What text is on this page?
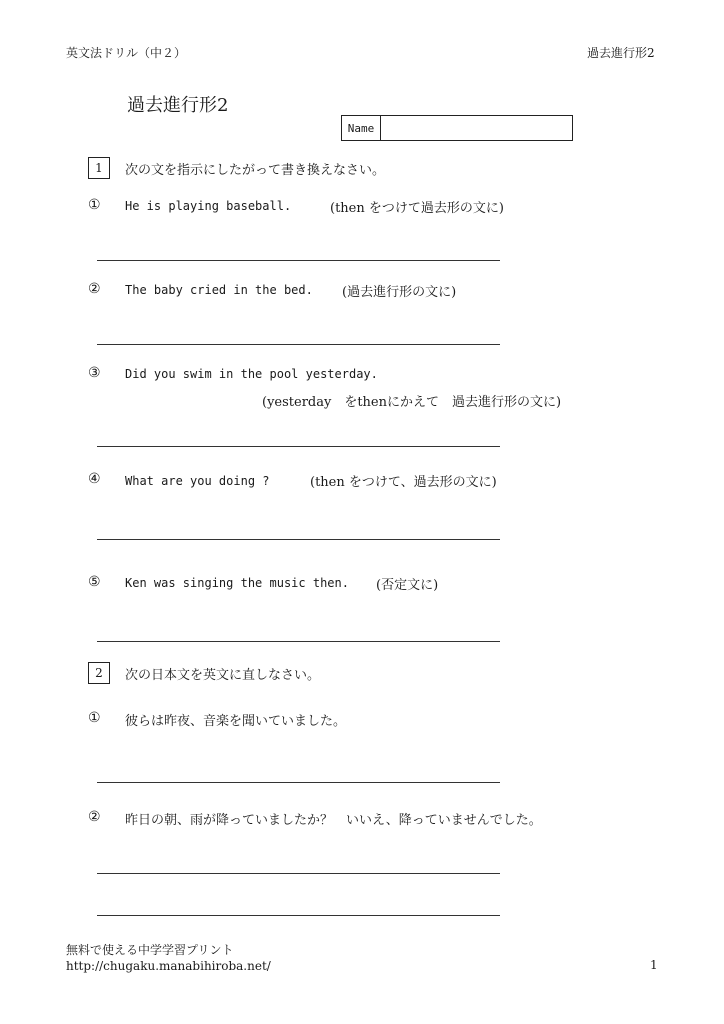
英文法ドリル（中２）	過去進行形2
過去進行形2
Name
1	次の文を指示にしたがって書き換えなさい。
① He is playing baseball.	(then をつけて過去形の文に)
② The baby cried in the bed. (過去進行形の文に)
③ Did you swim in the pool yesterday.
(yesterday　をthenにかえて　過去進行形の文に)
④ What are you doing ?	(then をつけて、過去形の文に)
⑤ Ken was singing the music then. (否定文に)
2	次の日本文を英文に直しなさい。
① 彼らは昨夜、音楽を聞いていました。
② 昨日の朝、雨が降っていましたか？　いいえ、降っていませんでした。
無料で使える中学学習プリント
http://chugaku.manabihiroba.net/	1
